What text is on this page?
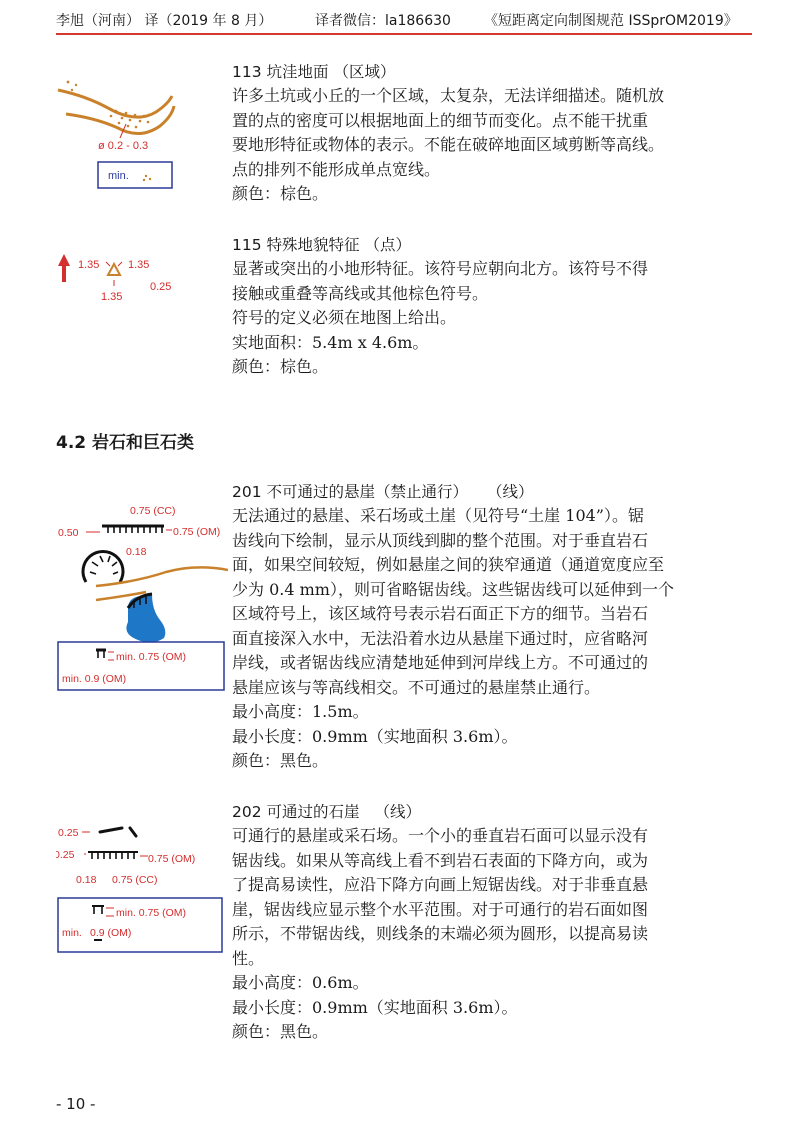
李旭（河南） 译（2019 年 8 月）	译者微信：la186630 《短距离定向制图规范 ISSprOM2019》
ø 0.2 - 0.3
min.
113 坑洼地面 （区域）

许多土坑或小丘的一个区域，太复杂，无法详细描述。随机放

置的点的密度可以根据地面上的细节而变化。点不能干扰重

要地形特征或物体的表示。不能在破碎地面区域剪断等高线。

点的排列不能形成单点宽线。

颜色：棕色。

1.35	1.35
1.35
0.25
115 特殊地貌特征 （点）

显著或突出的小地形特征。该符号应朝向北方。该符号不得

接触或重叠等高线或其他棕色符号。

符号的定义必须在地图上给出。

实地面积：5.4m x 4.6m。

颜色：棕色。

4.2 岩石和巨石类
0.75 (CC)
0.50	0.75 (OM)
0.18
min. 0.75 (OM)
min. 0.9 (OM)
201 不可通过的悬崖（禁止通行） （线）

无法通过的悬崖、采石场或土崖（见符号“土崖 104”）。锯

齿线向下绘制，显示从顶线到脚的整个范围。对于垂直岩石

面，如果空间较短，例如悬崖之间的狭窄通道（通道宽度应至

少为 0.4 mm），则可省略锯齿线。这些锯齿线可以延伸到一个

区域符号上，该区域符号表示岩石面正下方的细节。当岩石

面直接深入水中，无法沿着水边从悬崖下通过时，应省略河

岸线，或者锯齿线应清楚地延伸到河岸线上方。不可通过的

悬崖应该与等高线相交。不可通过的悬崖禁止通行。

最小高度：1.5m。

最小长度：0.9mm（实地面积 3.6m）。

颜色：黑色。

0.25
0.25	0.75 (OM)
0.18 0.75 (CC)
min. 0.75 (OM)
min. 0.9 (OM)
202 可通过的石崖 （线）

可通行的悬崖或采石场。一个小的垂直岩石面可以显示没有

锯齿线。如果从等高线上看不到岩石表面的下降方向，或为

了提高易读性，应沿下降方向画上短锯齿线。对于非垂直悬

崖，锯齿线应显示整个水平范围。对于可通行的岩石面如图

所示，不带锯齿线，则线条的末端必须为圆形，以提高易读

性。

最小高度：0.6m。

最小长度：0.9mm（实地面积 3.6m）。

颜色：黑色。

- 10 -
